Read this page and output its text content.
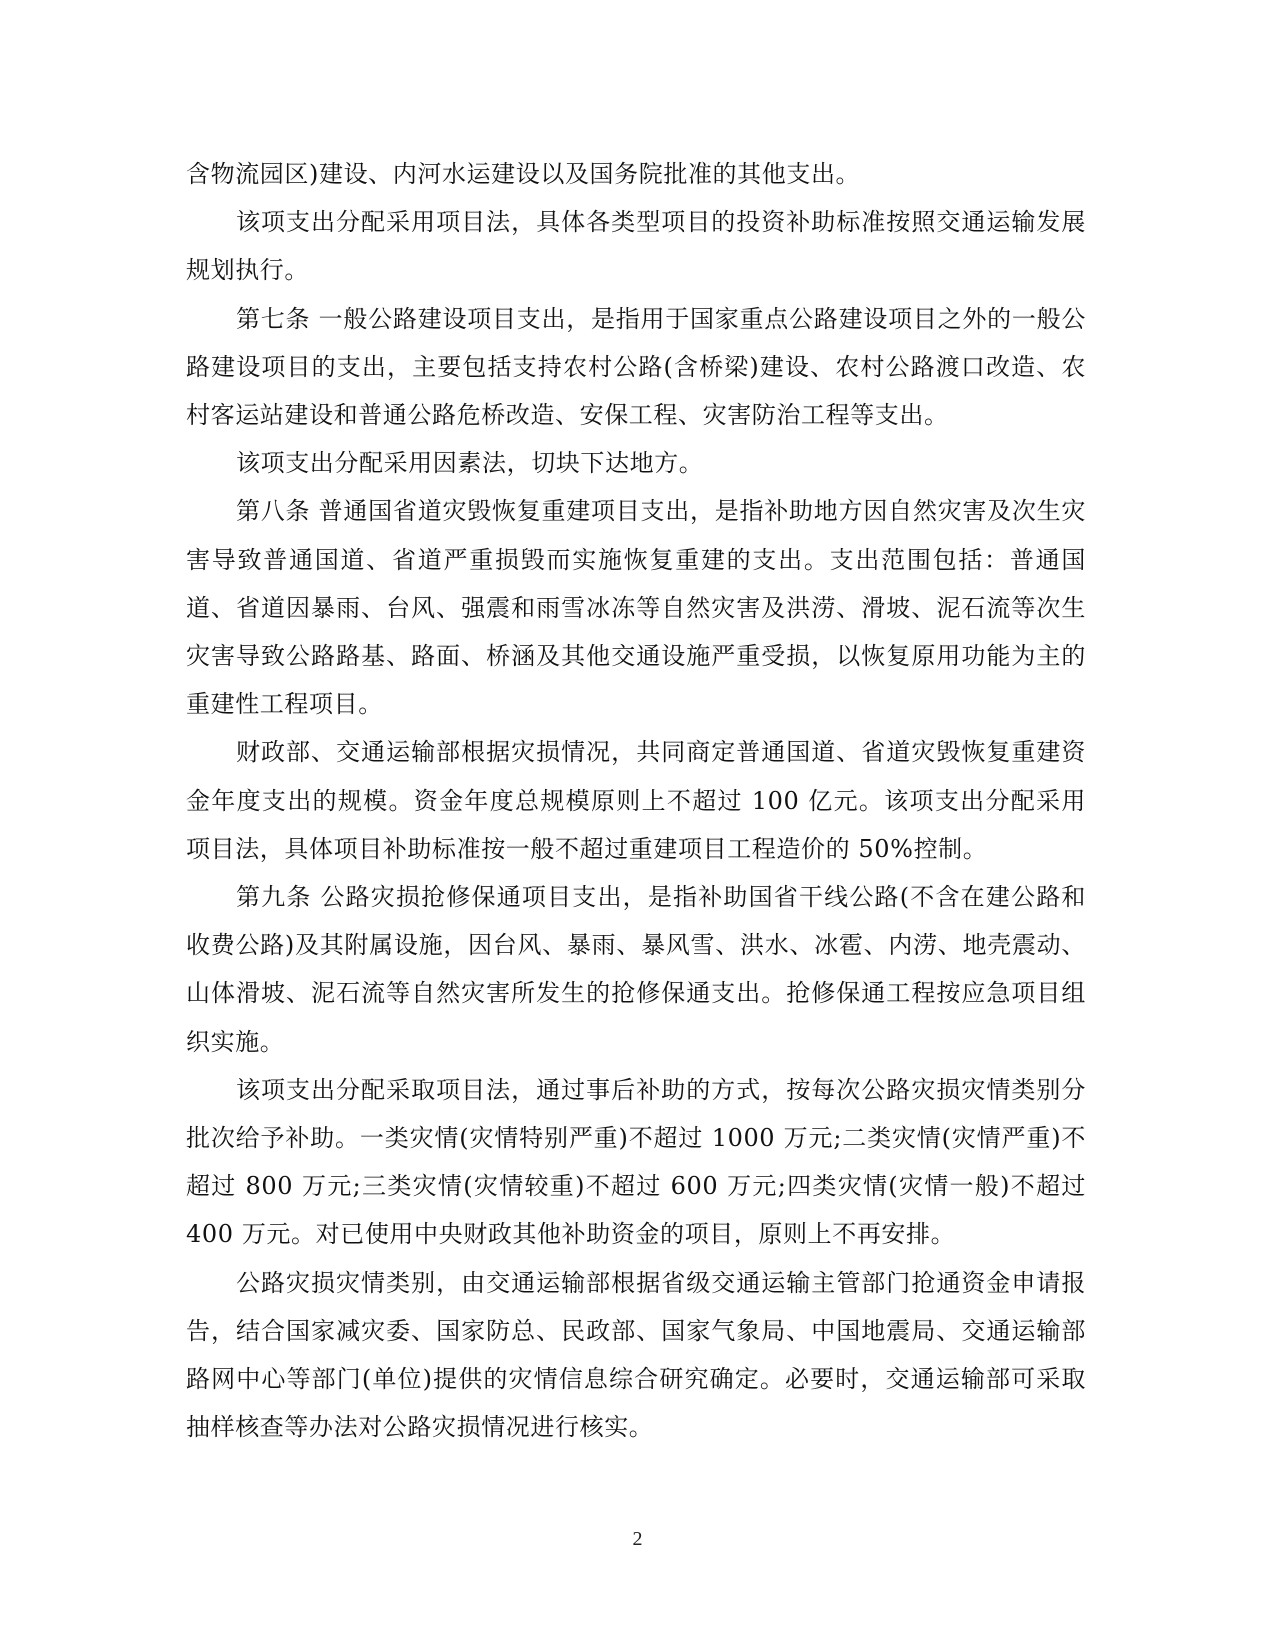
含物流园区)建设、内河水运建设以及国务院批准的其他支出。

该项支出分配采用项目法，具体各类型项目的投资补助标准按照交通运输发展规划执行。

第七条 一般公路建设项目支出，是指用于国家重点公路建设项目之外的一般公路建设项目的支出，主要包括支持农村公路(含桥梁)建设、农村公路渡口改造、农村客运站建设和普通公路危桥改造、安保工程、灾害防治工程等支出。

该项支出分配采用因素法，切块下达地方。

第八条 普通国省道灾毁恢复重建项目支出，是指补助地方因自然灾害及次生灾害导致普通国道、省道严重损毁而实施恢复重建的支出。支出范围包括：普通国道、省道因暴雨、台风、强震和雨雪冰冻等自然灾害及洪涝、滑坡、泥石流等次生灾害导致公路路基、路面、桥涵及其他交通设施严重受损，以恢复原用功能为主的重建性工程项目。

财政部、交通运输部根据灾损情况，共同商定普通国道、省道灾毁恢复重建资金年度支出的规模。资金年度总规模原则上不超过 100 亿元。该项支出分配采用项目法，具体项目补助标准按一般不超过重建项目工程造价的 50%控制。

第九条 公路灾损抢修保通项目支出，是指补助国省干线公路(不含在建公路和收费公路)及其附属设施，因台风、暴雨、暴风雪、洪水、冰雹、内涝、地壳震动、山体滑坡、泥石流等自然灾害所发生的抢修保通支出。抢修保通工程按应急项目组织实施。

该项支出分配采取项目法，通过事后补助的方式，按每次公路灾损灾情类别分批次给予补助。一类灾情(灾情特别严重)不超过 1000 万元;二类灾情(灾情严重)不超过 800 万元;三类灾情(灾情较重)不超过 600 万元;四类灾情(灾情一般)不超过 400 万元。对已使用中央财政其他补助资金的项目，原则上不再安排。

公路灾损灾情类别，由交通运输部根据省级交通运输主管部门抢通资金申请报告，结合国家减灾委、国家防总、民政部、国家气象局、中国地震局、交通运输部路网中心等部门(单位)提供的灾情信息综合研究确定。必要时，交通运输部可采取抽样核查等办法对公路灾损情况进行核实。

2
